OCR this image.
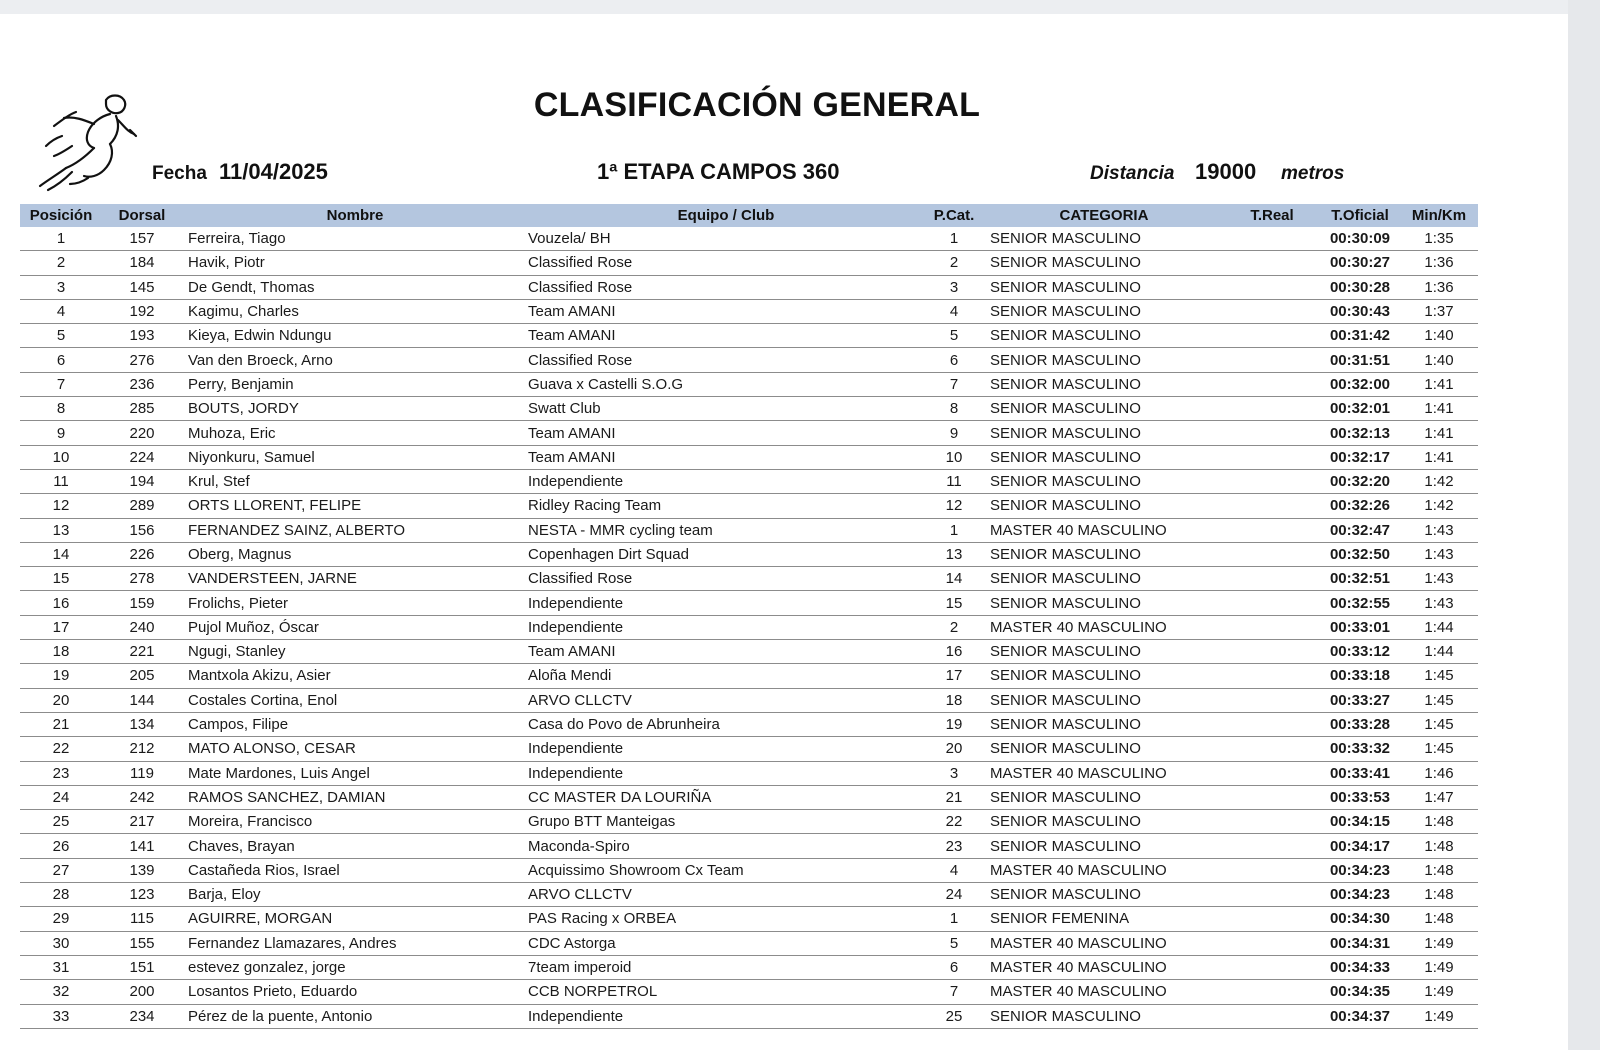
CLASIFICACIÓN GENERAL
Fecha 11/04/2025	1ª ETAPA CAMPOS 360	Distancia 19000 metros
Posición	Dorsal	Nombre	Equipo / Club	P.Cat.	CATEGORIA	T.Real	T.Oficial	Min/Km
1	157	Ferreira, Tiago	Vouzela/ BH	1	SENIOR MASCULINO		00:30:09	1:35
2	184	Havik, Piotr	Classified Rose	2	SENIOR MASCULINO		00:30:27	1:36
3	145	De Gendt, Thomas	Classified Rose	3	SENIOR MASCULINO		00:30:28	1:36
4	192	Kagimu, Charles	Team AMANI	4	SENIOR MASCULINO		00:30:43	1:37
5	193	Kieya, Edwin Ndungu	Team AMANI	5	SENIOR MASCULINO		00:31:42	1:40
6	276	Van den Broeck, Arno	Classified Rose	6	SENIOR MASCULINO		00:31:51	1:40
7	236	Perry, Benjamin	Guava x Castelli S.O.G	7	SENIOR MASCULINO		00:32:00	1:41
8	285	BOUTS, JORDY	Swatt Club	8	SENIOR MASCULINO		00:32:01	1:41
9	220	Muhoza, Eric	Team AMANI	9	SENIOR MASCULINO		00:32:13	1:41
10	224	Niyonkuru, Samuel	Team AMANI	10	SENIOR MASCULINO		00:32:17	1:41
11	194	Krul, Stef	Independiente	11	SENIOR MASCULINO		00:32:20	1:42
12	289	ORTS LLORENT, FELIPE	Ridley Racing Team	12	SENIOR MASCULINO		00:32:26	1:42
13	156	FERNANDEZ SAINZ, ALBERTO	NESTA - MMR cycling team	1	MASTER 40 MASCULINO		00:32:47	1:43
14	226	Oberg, Magnus	Copenhagen Dirt Squad	13	SENIOR MASCULINO		00:32:50	1:43
15	278	VANDERSTEEN, JARNE	Classified Rose	14	SENIOR MASCULINO		00:32:51	1:43
16	159	Frolichs, Pieter	Independiente	15	SENIOR MASCULINO		00:32:55	1:43
17	240	Pujol Muñoz, Óscar	Independiente	2	MASTER 40 MASCULINO		00:33:01	1:44
18	221	Ngugi, Stanley	Team AMANI	16	SENIOR MASCULINO		00:33:12	1:44
19	205	Mantxola Akizu, Asier	Aloña Mendi	17	SENIOR MASCULINO		00:33:18	1:45
20	144	Costales Cortina, Enol	ARVO CLLCTV	18	SENIOR MASCULINO		00:33:27	1:45
21	134	Campos, Filipe	Casa do Povo de Abrunheira	19	SENIOR MASCULINO		00:33:28	1:45
22	212	MATO ALONSO, CESAR	Independiente	20	SENIOR MASCULINO		00:33:32	1:45
23	119	Mate Mardones, Luis Angel	Independiente	3	MASTER 40 MASCULINO		00:33:41	1:46
24	242	RAMOS SANCHEZ, DAMIAN	CC MASTER DA LOURIÑA	21	SENIOR MASCULINO		00:33:53	1:47
25	217	Moreira, Francisco	Grupo BTT Manteigas	22	SENIOR MASCULINO		00:34:15	1:48
26	141	Chaves, Brayan	Maconda-Spiro	23	SENIOR MASCULINO		00:34:17	1:48
27	139	Castañeda Rios, Israel	Acquissimo Showroom Cx Team	4	MASTER 40 MASCULINO		00:34:23	1:48
28	123	Barja, Eloy	ARVO CLLCTV	24	SENIOR MASCULINO		00:34:23	1:48
29	115	AGUIRRE, MORGAN	PAS Racing x ORBEA	1	SENIOR FEMENINA		00:34:30	1:48
30	155	Fernandez Llamazares, Andres	CDC Astorga	5	MASTER 40 MASCULINO		00:34:31	1:49
31	151	estevez gonzalez, jorge	7team imperoid	6	MASTER 40 MASCULINO		00:34:33	1:49
32	200	Losantos Prieto, Eduardo	CCB NORPETROL	7	MASTER 40 MASCULINO		00:34:35	1:49
33	234	Pérez de la puente, Antonio	Independiente	25	SENIOR MASCULINO		00:34:37	1:49
